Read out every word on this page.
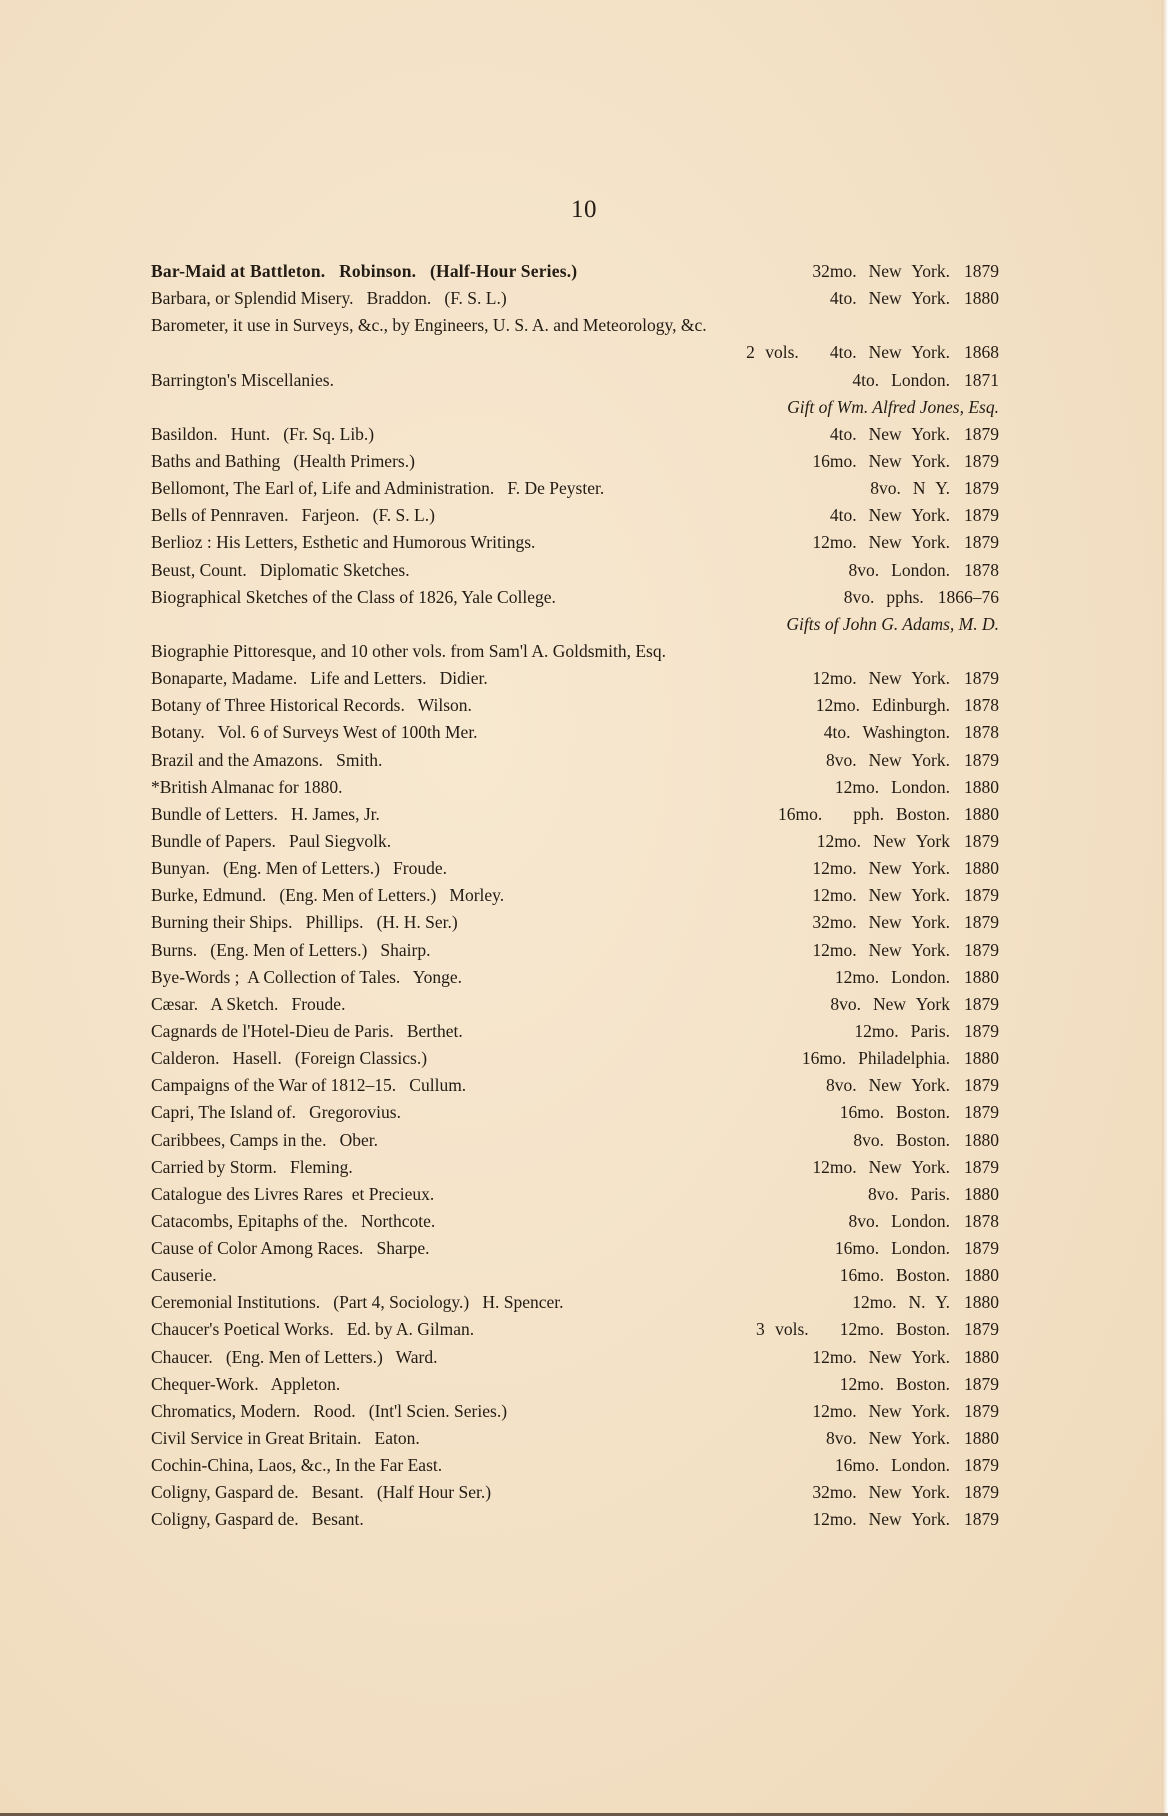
10
Bar-Maid at Battleton.   Robinson.   (Half-Hour Series.)	32mo. New York. 1879
Barbara, or Splendid Misery.   Braddon.   (F. S. L.)	4to. New York. 1880
Barometer, it use in Surveys, &c., by Engineers, U. S. A. and Meteorology, &c.
2 vols.   4to. New York. 1868
Barrington's Miscellanies.	4to. London. 1871
Gift of Wm. Alfred Jones, Esq.
Basildon.   Hunt.   (Fr. Sq. Lib.)	4to. New York. 1879
Baths and Bathing   (Health Primers.)	16mo. New York. 1879
Bellomont, The Earl of, Life and Administration.   F. De Peyster.	8vo. N Y. 1879
Bells of Pennraven.   Farjeon.   (F. S. L.)	4to. New York. 1879
Berlioz : His Letters, Esthetic and Humorous Writings.	12mo. New York. 1879
Beust, Count.   Diplomatic Sketches.	8vo. London. 1878
Biographical Sketches of the Class of 1826, Yale College.	8vo. pphs. 1866–76
Gifts of John G. Adams, M. D.
Biographie Pittoresque, and 10 other vols. from Sam'l A. Goldsmith, Esq.
Bonaparte, Madame.   Life and Letters.   Didier.	12mo. New York. 1879
Botany of Three Historical Records.   Wilson.	12mo. Edinburgh. 1878
Botany.   Vol. 6 of Surveys West of 100th Mer.	4to. Washington. 1878
Brazil and the Amazons.   Smith.	8vo. New York. 1879
*British Almanac for 1880.	12mo. London. 1880
Bundle of Letters.   H. James, Jr.	16mo.   pph. Boston. 1880
Bundle of Papers.   Paul Siegvolk.	12mo. New York 1879
Bunyan.   (Eng. Men of Letters.)   Froude.	12mo. New York. 1880
Burke, Edmund.   (Eng. Men of Letters.)   Morley.	12mo. New York. 1879
Burning their Ships.   Phillips.   (H. H. Ser.)	32mo. New York. 1879
Burns.   (Eng. Men of Letters.)   Shairp.	12mo. New York. 1879
Bye-Words ;  A Collection of Tales.   Yonge.	12mo. London. 1880
Cæsar.   A Sketch.   Froude.	8vo. New York 1879
Cagnards de l'Hotel-Dieu de Paris.   Berthet.	12mo. Paris. 1879
Calderon.   Hasell.   (Foreign Classics.)	16mo. Philadelphia. 1880
Campaigns of the War of 1812–15.   Cullum.	8vo. New York. 1879
Capri, The Island of.   Gregorovius.	16mo. Boston. 1879
Caribbees, Camps in the.   Ober.	8vo. Boston. 1880
Carried by Storm.   Fleming.	12mo. New York. 1879
Catalogue des Livres Rares  et Precieux.	8vo. Paris. 1880
Catacombs, Epitaphs of the.   Northcote.	8vo. London. 1878
Cause of Color Among Races.   Sharpe.	16mo. London. 1879
Causerie.	16mo. Boston. 1880
Ceremonial Institutions.   (Part 4, Sociology.)   H. Spencer.	12mo. N. Y. 1880
Chaucer's Poetical Works.   Ed. by A. Gilman.	3 vols.   12mo. Boston. 1879
Chaucer.   (Eng. Men of Letters.)   Ward.	12mo. New York. 1880
Chequer-Work.   Appleton.	12mo. Boston. 1879
Chromatics, Modern.   Rood.   (Int'l Scien. Series.)	12mo. New York. 1879
Civil Service in Great Britain.   Eaton.	8vo. New York. 1880
Cochin-China, Laos, &c., In the Far East.	16mo. London. 1879
Coligny, Gaspard de.   Besant.   (Half Hour Ser.)	32mo. New York. 1879
Coligny, Gaspard de.   Besant.	12mo. New York. 1879
